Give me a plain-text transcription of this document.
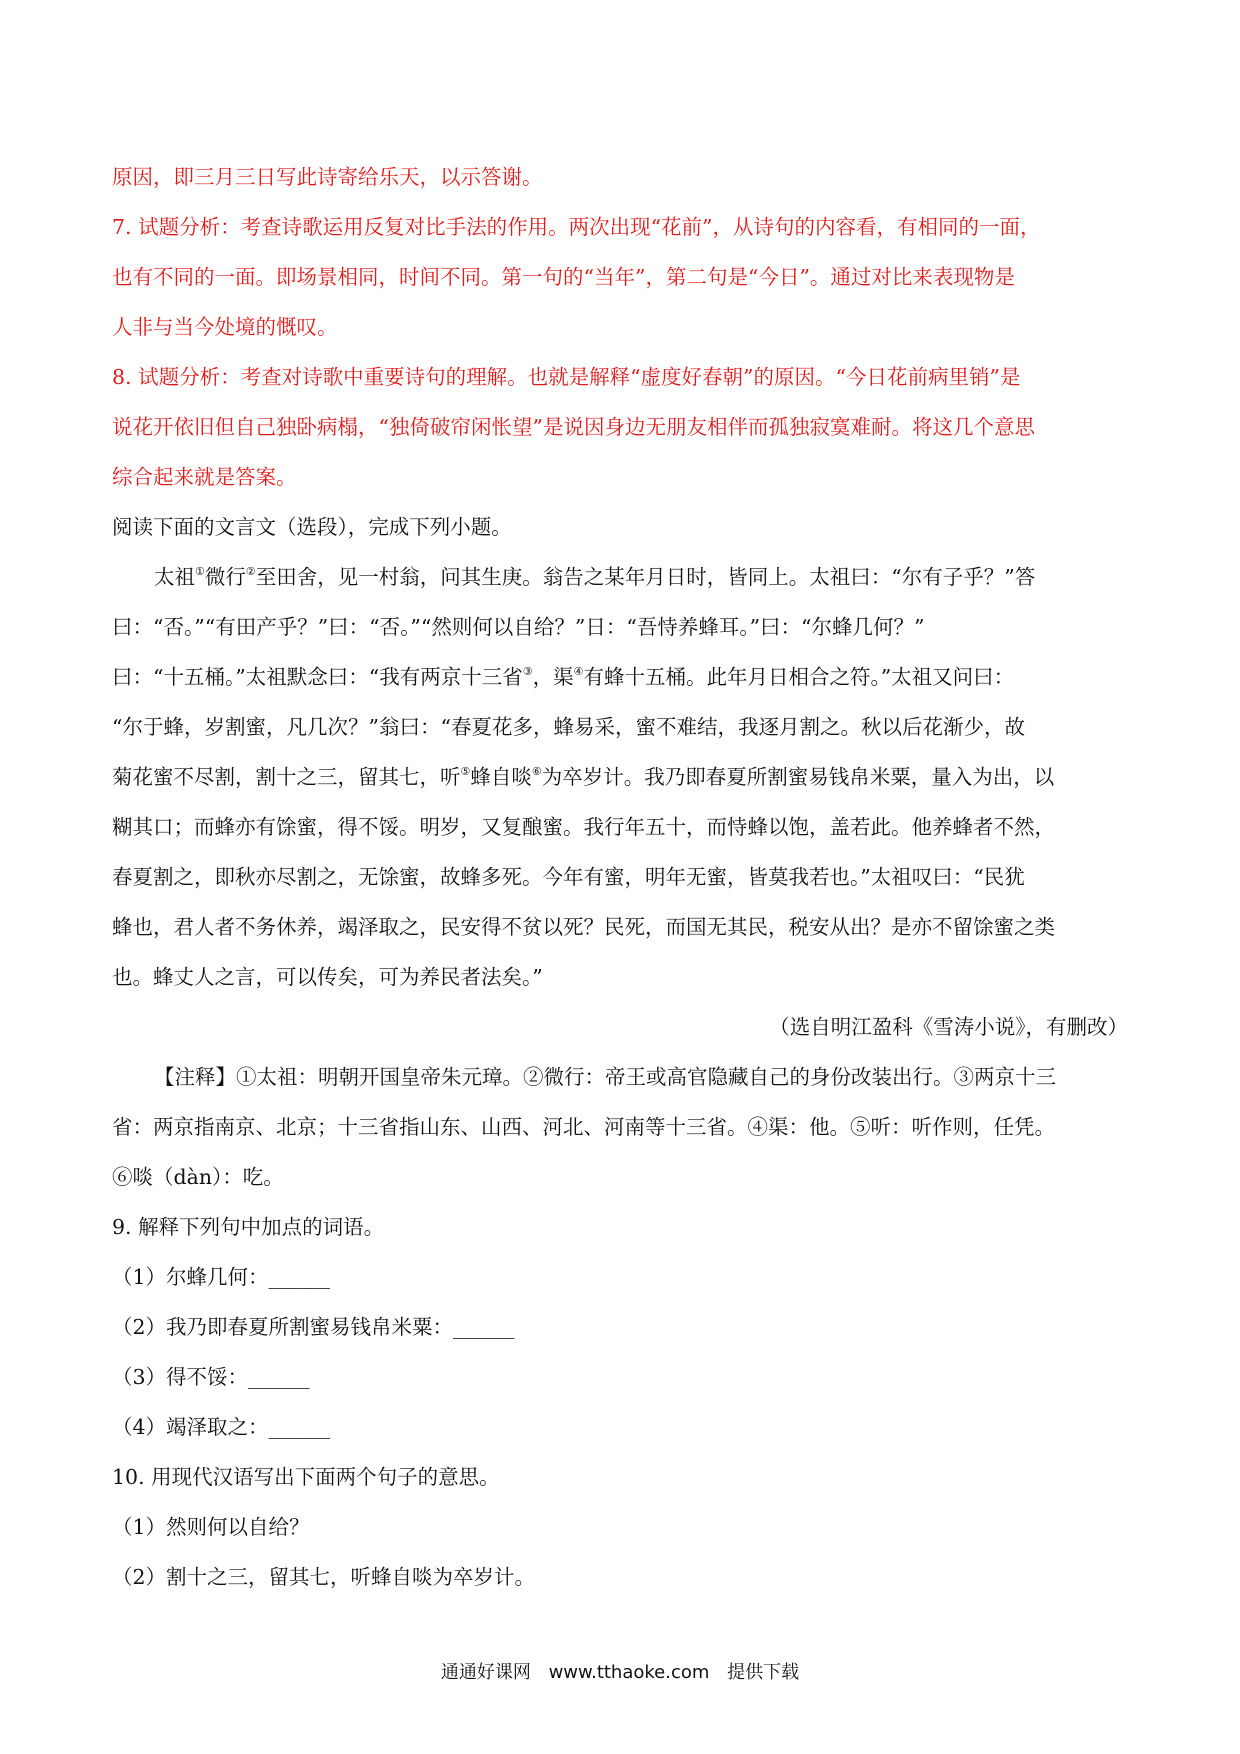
原因，即三月三日写此诗寄给乐天，以示答谢。
7. 试题分析：考查诗歌运用反复对比手法的作用。两次出现“花前”，从诗句的内容看，有相同的一面，
也有不同的一面。即场景相同，时间不同。第一句的“当年”，第二句是“今日”。通过对比来表现物是
人非与当今处境的慨叹。
8. 试题分析：考查对诗歌中重要诗句的理解。也就是解释“虚度好春朝”的原因。“今日花前病里销”是
说花开依旧但自己独卧病榻，“独倚破帘闲怅望”是说因身边无朋友相伴而孤独寂寞难耐。将这几个意思
综合起来就是答案。
阅读下面的文言文（选段），完成下列小题。
太祖①微行②至田舍，见一村翁，问其生庚。翁告之某年月日时，皆同上。太祖曰：“尔有子乎？”答
曰：“否。”“有田产乎？”曰：“否。”“然则何以自给？”日：“吾恃养蜂耳。”曰：“尔蜂几何？”
曰：“十五桶。”太祖默念曰：“我有两京十三省③，渠④有蜂十五桶。此年月日相合之符。”太祖又问曰：
“尔于蜂，岁割蜜，凡几次？”翁曰：“春夏花多，蜂易采，蜜不难结，我逐月割之。秋以后花渐少，故
菊花蜜不尽割，割十之三，留其七，听⑤蜂自啖⑥为卒岁计。我乃即春夏所割蜜易钱帛米粟，量入为出，以
糊其口；而蜂亦有馀蜜，得不馁。明岁，又复酿蜜。我行年五十，而恃蜂以饱，盖若此。他养蜂者不然，
春夏割之，即秋亦尽割之，无馀蜜，故蜂多死。今年有蜜，明年无蜜，皆莫我若也。”太祖叹曰：“民犹
蜂也，君人者不务休养，竭泽取之，民安得不贫以死？民死，而国无其民，税安从出？是亦不留馀蜜之类
也。蜂丈人之言，可以传矣，可为养民者法矣。”
（选自明江盈科《雪涛小说》，有删改）
【注释】①太祖：明朝开国皇帝朱元璋。②微行：帝王或高官隐藏自己的身份改装出行。③两京十三
省：两京指南京、北京；十三省指山东、山西、河北、河南等十三省。④渠：他。⑤听：听作则，任凭。
⑥啖（dàn）：吃。
9. 解释下列句中加点的词语。
（1）尔蜂几何：______
（2）我乃即春夏所割蜜易钱帛米粟：______
（3）得不馁：______
（4）竭泽取之：______
10. 用现代汉语写出下面两个句子的意思。
（1）然则何以自给？
（2）割十之三，留其七，听蜂自啖为卒岁计。
通通好课网 www.tthaoke.com 提供下载
